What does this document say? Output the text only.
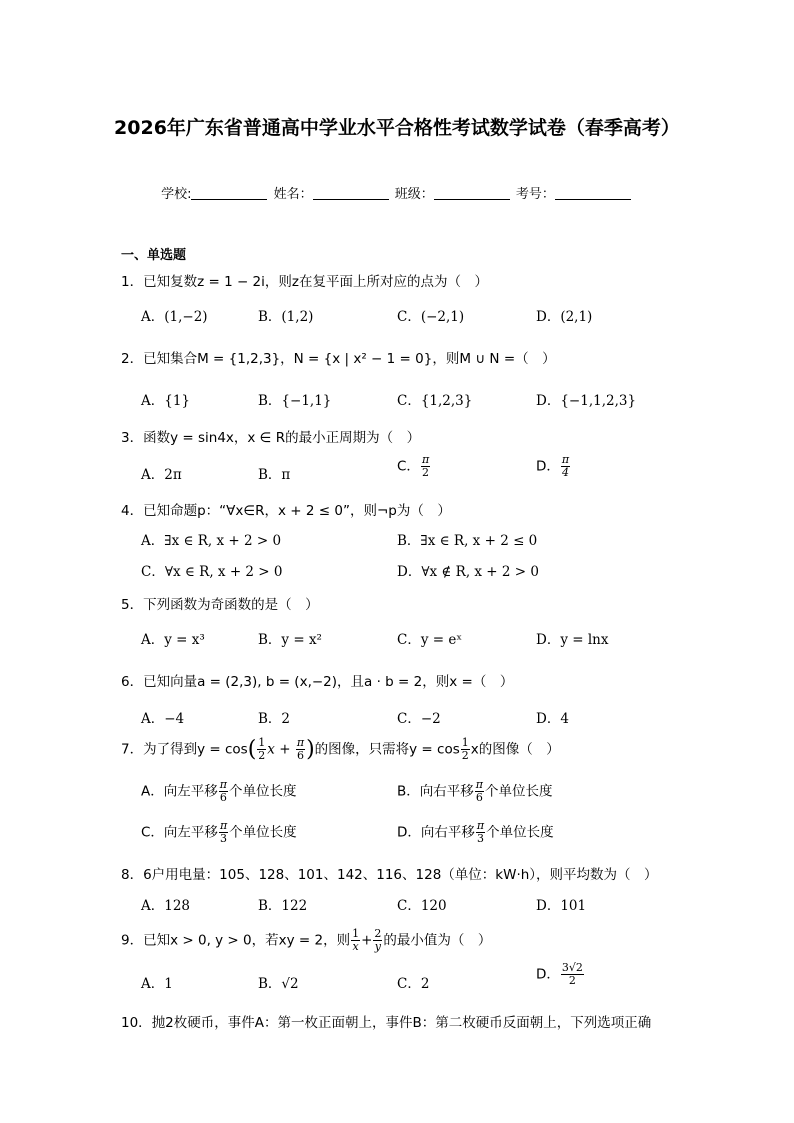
2026年广东省普通高中学业水平合格性考试数学试卷（春季高考）
学校:	姓名：	班级：	考号：
一、单选题
1．已知复数z = 1 − 2i，则z在复平面上所对应的点为（　）
A．(1,−2)	B．(1,2)	C．(−2,1)	D．(2,1)
2．已知集合M = {1,2,3}，N = {x | x² − 1 = 0}，则M ∪ N =（　）
A．{1}	B．{−1,1}	C．{1,2,3}	D．{−1,1,2,3}
3．函数y = sin4x，x ∈ R的最小正周期为（　）
A．2π	B．π
C． $\frac{\pi}{2}$	D． $\frac{\pi}{4}$
4．已知命题p：“∀x∈R，x + 2 ≤ 0”，则¬p为（　）
A．∃x ∈ R, x + 2 > 0	B．∃x ∈ R, x + 2 ≤ 0
C．∀x ∈ R, x + 2 > 0	D．∀x ∉ R, x + 2 > 0
5．下列函数为奇函数的是（　）
A．y = x³	B．y = x²	C．y = eˣ	D．y = lnx
6．已知向量a = (2,3), b = (x,−2)，且a · b = 2，则x =（　）
A．−4	B．2	C．−2	D．4
7．为了得到$y = \cos( \frac{1}{2}$ $x + \frac{\pi}{6}$ )的图像，只需将$y = \cos \frac{1}{2}$ x的图像（　）
A．向左平移 $\frac{\pi}{6}$ 个单位长度	B．向右平移 $\frac{\pi}{6}$ 个单位长度
C．向左平移 $\frac{\pi}{3}$ 个单位长度	D．向右平移 $\frac{\pi}{3}$ 个单位长度
8．6户用电量：105、128、101、142、116、128（单位：kW·h），则平均数为（　）
A．128	B．122	C．120	D．101
9．已知x > 0, y > 0，若xy = 2，则 $\frac{1}{x} + \frac{2}{y}$ 的最小值为（　）
A．1	B．√2	C．2
D． $\frac{3√2}{2}$
10．抛2枚硬币，事件A：第一枚正面朝上，事件B：第二枚硬币反面朝上，下列选项正确
